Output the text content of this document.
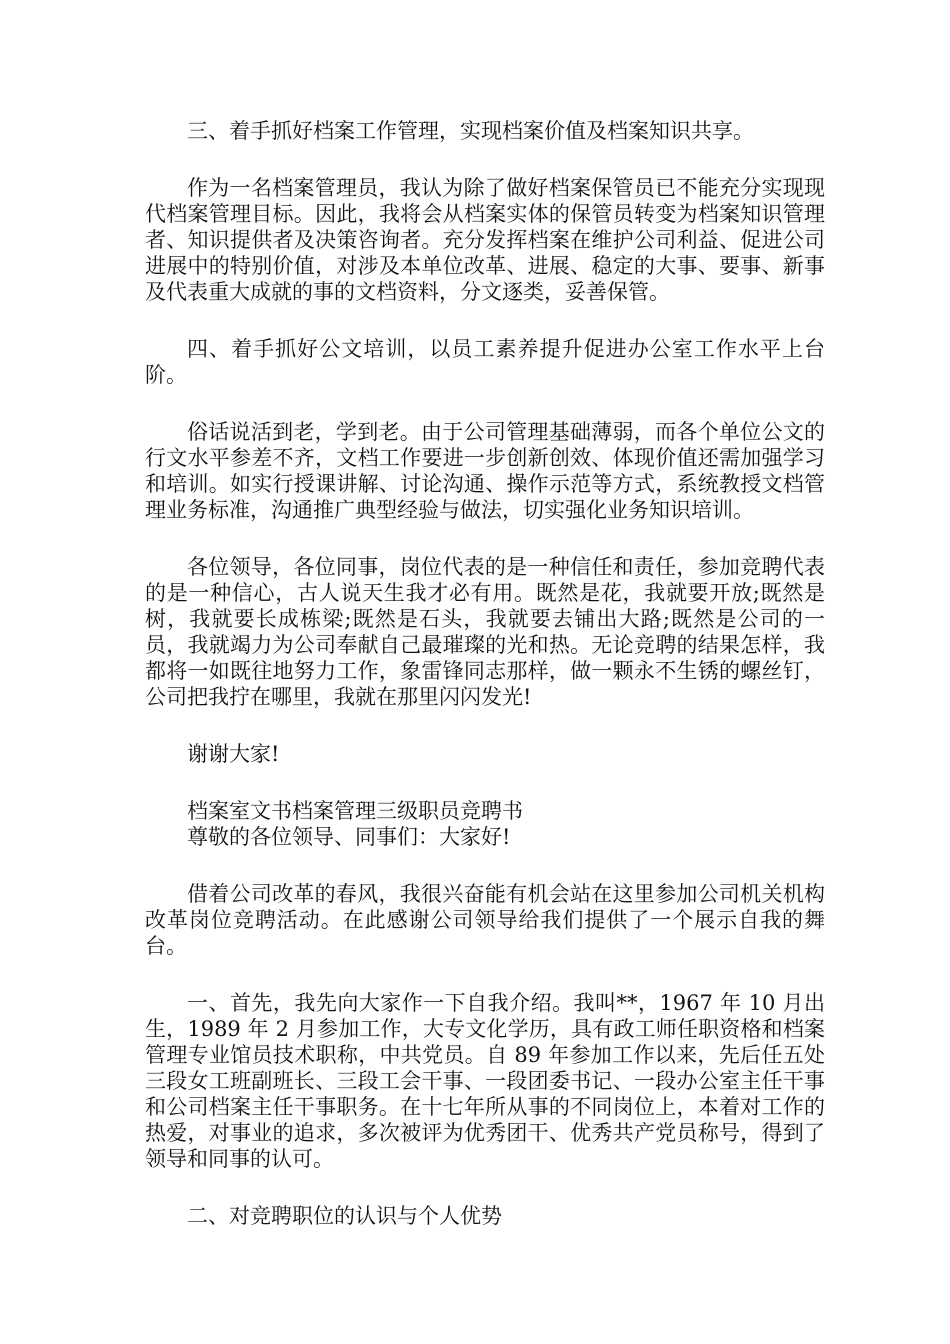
三、着手抓好档案工作管理，实现档案价值及档案知识共享。

作为一名档案管理员，我认为除了做好档案保管员已不能充分实现现代档案管理目标。因此，我将会从档案实体的保管员转变为档案知识管理者、知识提供者及决策咨询者。充分发挥档案在维护公司利益、促进公司进展中的特别价值，对涉及本单位改革、进展、稳定的大事、要事、新事及代表重大成就的事的文档资料，分文逐类，妥善保管。

四、着手抓好公文培训，以员工素养提升促进办公室工作水平上台阶。

俗话说活到老，学到老。由于公司管理基础薄弱，而各个单位公文的行文水平参差不齐，文档工作要进一步创新创效、体现价值还需加强学习和培训。如实行授课讲解、讨论沟通、操作示范等方式，系统教授文档管理业务标准，沟通推广典型经验与做法，切实强化业务知识培训。

各位领导，各位同事，岗位代表的是一种信任和责任，参加竞聘代表的是一种信心，古人说天生我才必有用。既然是花，我就要开放;既然是树，我就要长成栋梁;既然是石头，我就要去铺出大路;既然是公司的一员，我就竭力为公司奉献自己最璀璨的光和热。无论竞聘的结果怎样，我都将一如既往地努力工作，象雷锋同志那样，做一颗永不生锈的螺丝钉，公司把我拧在哪里，我就在那里闪闪发光!

谢谢大家!

档案室文书档案管理三级职员竞聘书

尊敬的各位领导、同事们：大家好!

借着公司改革的春风，我很兴奋能有机会站在这里参加公司机关机构改革岗位竞聘活动。在此感谢公司领导给我们提供了一个展示自我的舞台。

一、首先，我先向大家作一下自我介绍。我叫**，1967 年 10 月出生，1989 年 2 月参加工作，大专文化学历，具有政工师任职资格和档案管理专业馆员技术职称，中共党员。自 89 年参加工作以来，先后任五处三段女工班副班长、三段工会干事、一段团委书记、一段办公室主任干事和公司档案主任干事职务。在十七年所从事的不同岗位上，本着对工作的热爱，对事业的追求，多次被评为优秀团干、优秀共产党员称号，得到了领导和同事的认可。

二、对竞聘职位的认识与个人优势
